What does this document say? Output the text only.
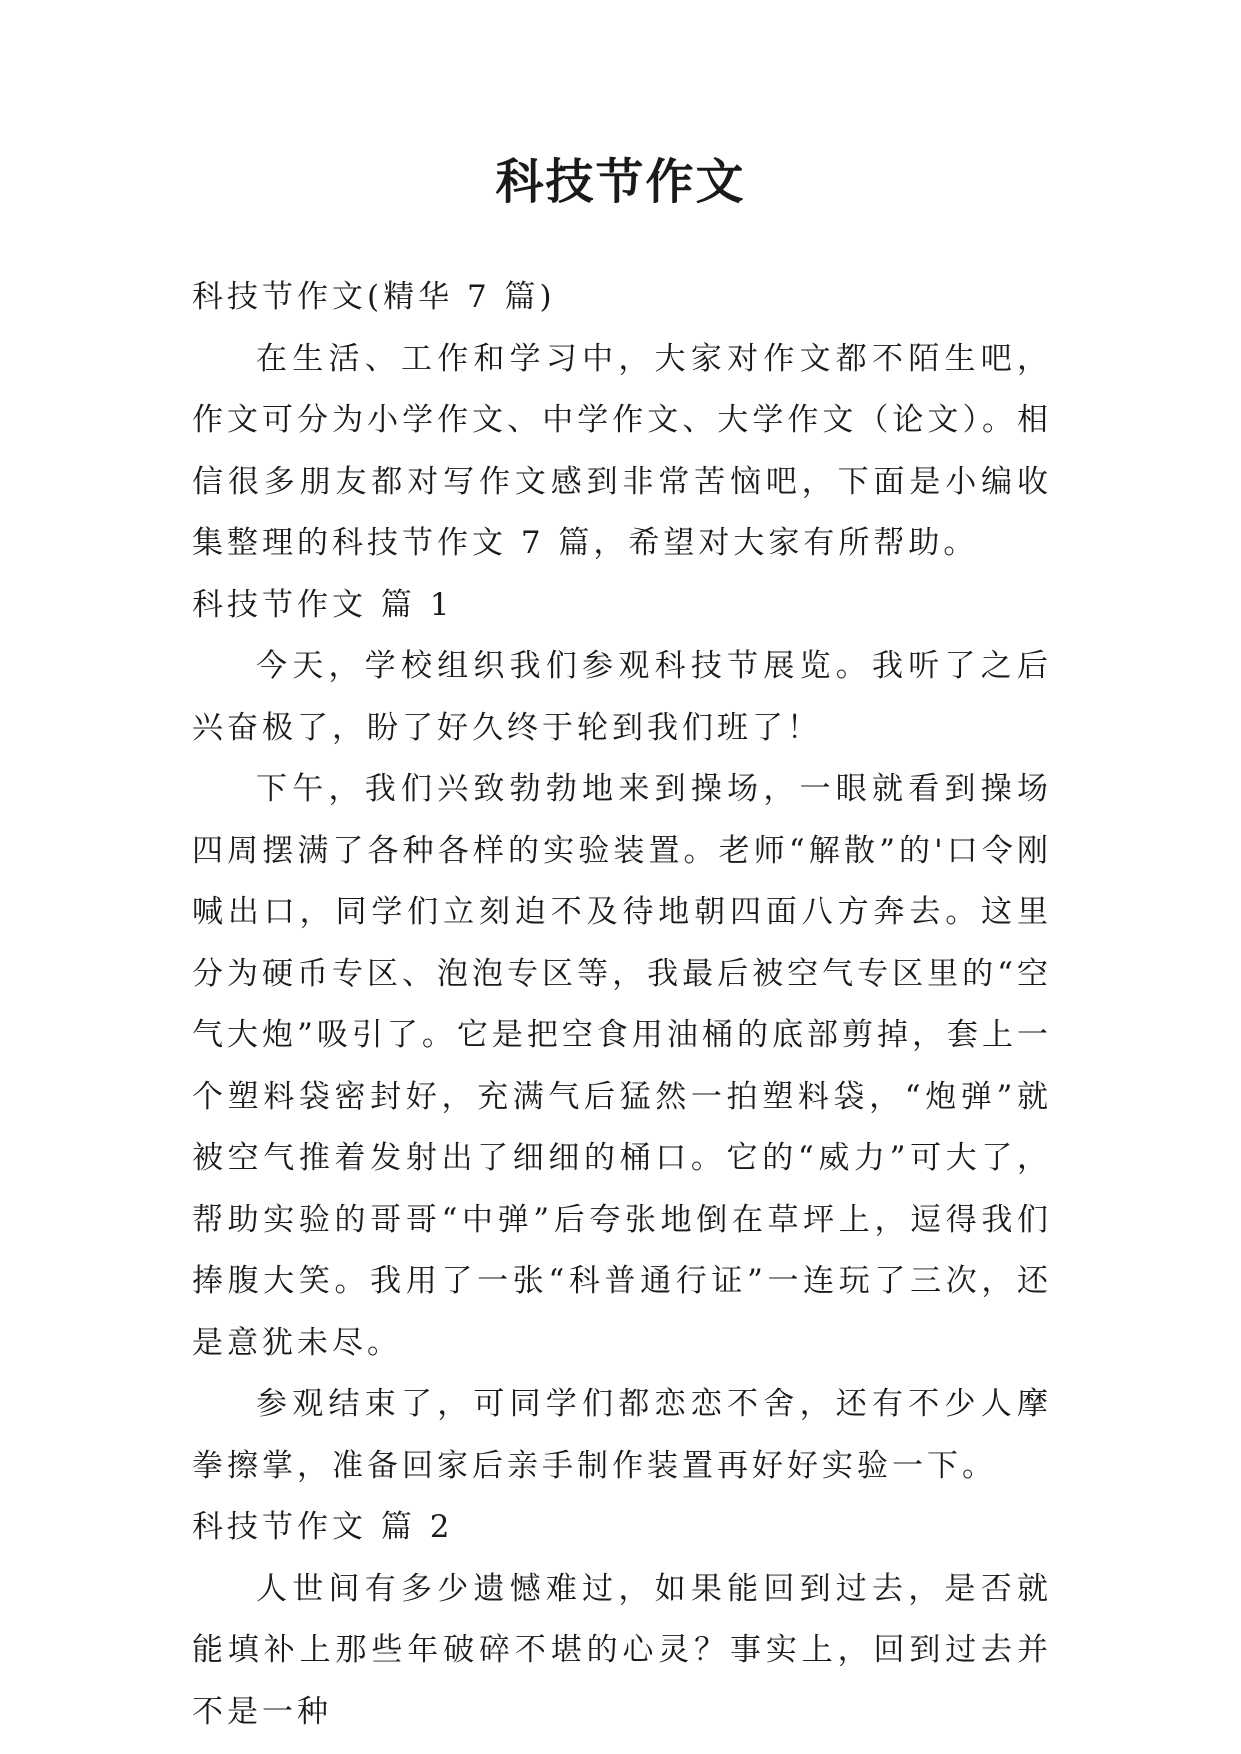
科技节作文

科技节作文(精华 7 篇)

在生活、工作和学习中，大家对作文都不陌生吧，作文可分为小学作文、中学作文、大学作文（论文）。相信很多朋友都对写作文感到非常苦恼吧，下面是小编收集整理的科技节作文 7 篇，希望对大家有所帮助。

科技节作文 篇 1

今天，学校组织我们参观科技节展览。我听了之后兴奋极了，盼了好久终于轮到我们班了！

下午，我们兴致勃勃地来到操场，一眼就看到操场四周摆满了各种各样的实验装置。老师“解散”的'口令刚喊出口，同学们立刻迫不及待地朝四面八方奔去。这里分为硬币专区、泡泡专区等，我最后被空气专区里的“空气大炮”吸引了。它是把空食用油桶的底部剪掉，套上一个塑料袋密封好，充满气后猛然一拍塑料袋，“炮弹”就被空气推着发射出了细细的桶口。它的“威力”可大了，帮助实验的哥哥“中弹”后夸张地倒在草坪上，逗得我们捧腹大笑。我用了一张“科普通行证”一连玩了三次，还是意犹未尽。

参观结束了，可同学们都恋恋不舍，还有不少人摩拳擦掌，准备回家后亲手制作装置再好好实验一下。

科技节作文 篇 2

人世间有多少遗憾难过，如果能回到过去，是否就能填补上那些年破碎不堪的心灵？事实上，回到过去并不是一种
